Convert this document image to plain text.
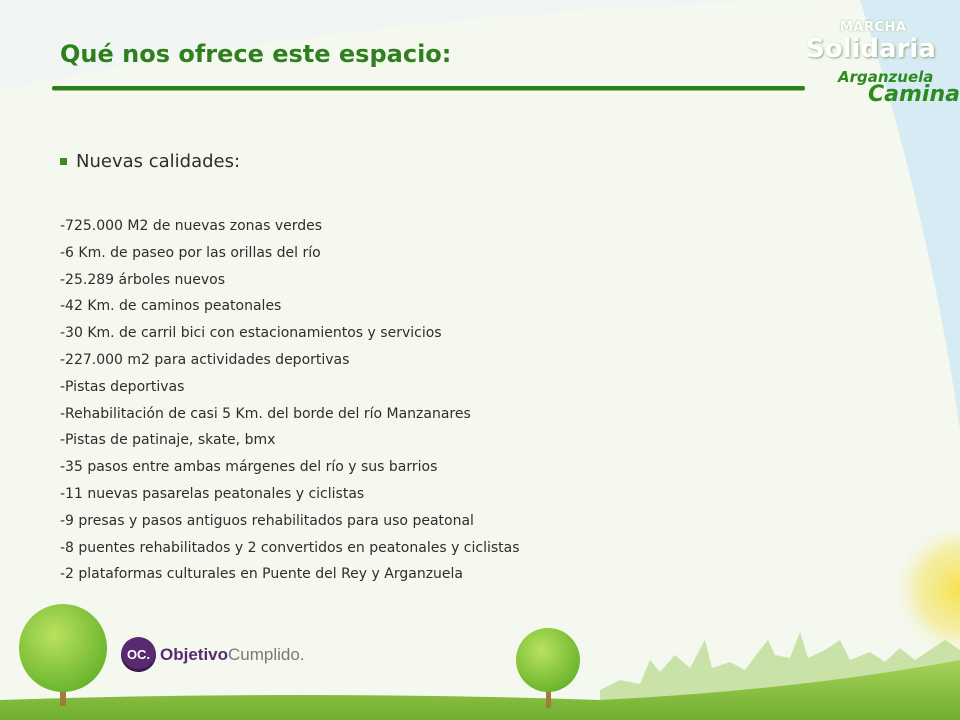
Qué nos ofrece este espacio:
MARCHA
Solidaria
Arganzuela
Camina
Nuevas calidades:
-725.000 M2 de nuevas zonas verdes
-6 Km. de paseo por las orillas del río
-25.289 árboles nuevos
-42 Km. de caminos peatonales
-30 Km. de carril bici con estacionamientos y servicios
-227.000 m2 para actividades deportivas
-Pistas deportivas
-Rehabilitación de casi 5 Km. del borde del río Manzanares
-Pistas de patinaje, skate, bmx
-35 pasos entre ambas márgenes del río y sus barrios
-11 nuevas pasarelas peatonales y ciclistas
-9 presas y pasos antiguos rehabilitados para uso peatonal
-8 puentes rehabilitados y 2 convertidos en peatonales y ciclistas
-2 plataformas culturales en Puente del Rey y Arganzuela
OC. ObjetivoCumplido.
